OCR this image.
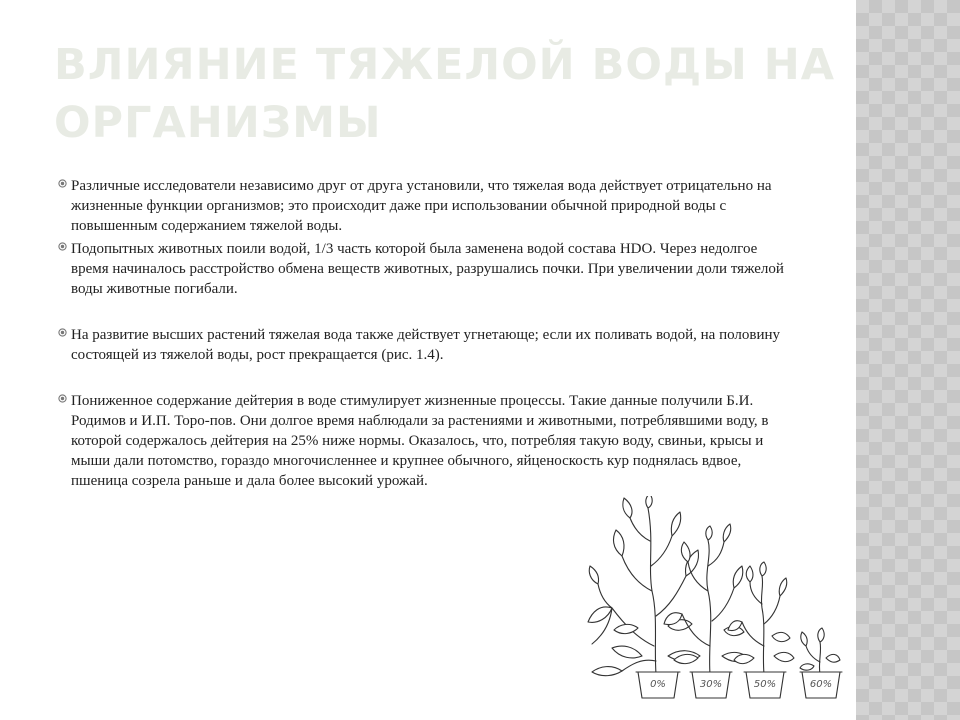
ВЛИЯНИЕ ТЯЖЕЛОЙ ВОДЫ НА ОРГАНИЗМЫ
Различные исследователи независимо друг от друга установили, что тяжелая вода действует отрицательно на жизненные функции организмов; это происходит даже при использовании обычной природной воды с повышенным содержанием тяжелой воды.
Подопытных животных поили водой, 1/3 часть которой была заменена водой состава HDO. Через недолгое время начиналось расстройство обмена веществ животных, разрушались почки. При увеличении доли тяжелой воды животные погибали.
На развитие высших растений тяжелая вода также действует угнетающе; если их поливать водой, на половину состоящей из тяжелой воды, рост прекращается (рис. 1.4).
Пониженное содержание дейтерия в воде стимулирует жизненные процессы. Такие данные получили Б.И. Родимов и И.П. Торо-пов. Они долгое время наблюдали за растениями и животными, потреблявшими воду, в которой содержалось дейтерия на 25% ниже нормы. Оказалось, что, потребляя такую воду, свиньи, крысы и мыши дали потомство, гораздо многочисленнее и крупнее обычного, яйценоскость кур поднялась вдвое, пшеница созрела раньше и дала более высокий урожай.
0%	30%	50%	60%
